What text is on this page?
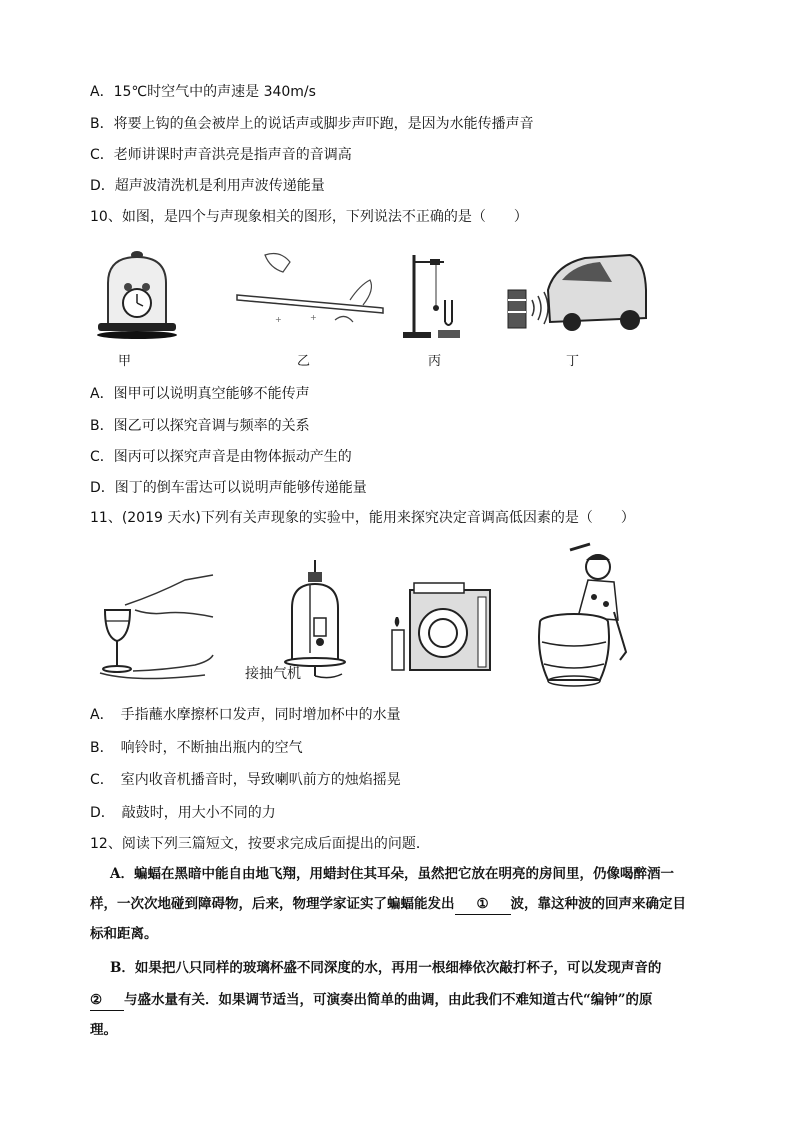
A．15℃时空气中的声速是 340m/s
B．将要上钩的鱼会被岸上的说话声或脚步声吓跑，是因为水能传播声音
C．老师讲课时声音洪亮是指声音的音调高
D．超声波清洗机是利用声波传递能量
10、如图，是四个与声现象相关的图形，下列说法不正确的是（　　）
甲
+	+
乙	丙	丁
A．图甲可以说明真空能够不能传声
B．图乙可以探究音调与频率的关系
C．图丙可以探究声音是由物体振动产生的
D．图丁的倒车雷达可以说明声能够传递能量
11、(2019 天水)下列有关声现象的实验中，能用来探究决定音调高低因素的是（　　）
接抽气机
A．　手指蘸水摩擦杯口发声，同时增加杯中的水量
B．　响铃时，不断抽出瓶内的空气
C．　室内收音机播音时，导致喇叭前方的烛焰摇晃
D．　敲鼓时，用大小不同的力
12、阅读下列三篇短文，按要求完成后面提出的问题．
A．蝙蝠在黑暗中能自由地飞翔，用蜡封住其耳朵，虽然把它放在明亮的房间里，仍像喝醉酒一
样，一次次地碰到障碍物，后来，物理学家证实了蝙蝠能发出 ① 波，靠这种波的回声来确定目
标和距离。
B．如果把八只同样的玻璃杯盛不同深度的水，再用一根细棒依次敲打杯子，可以发现声音的
② 与盛水量有关．如果调节适当，可演奏出简单的曲调，由此我们不难知道古代“编钟”的原
理。
